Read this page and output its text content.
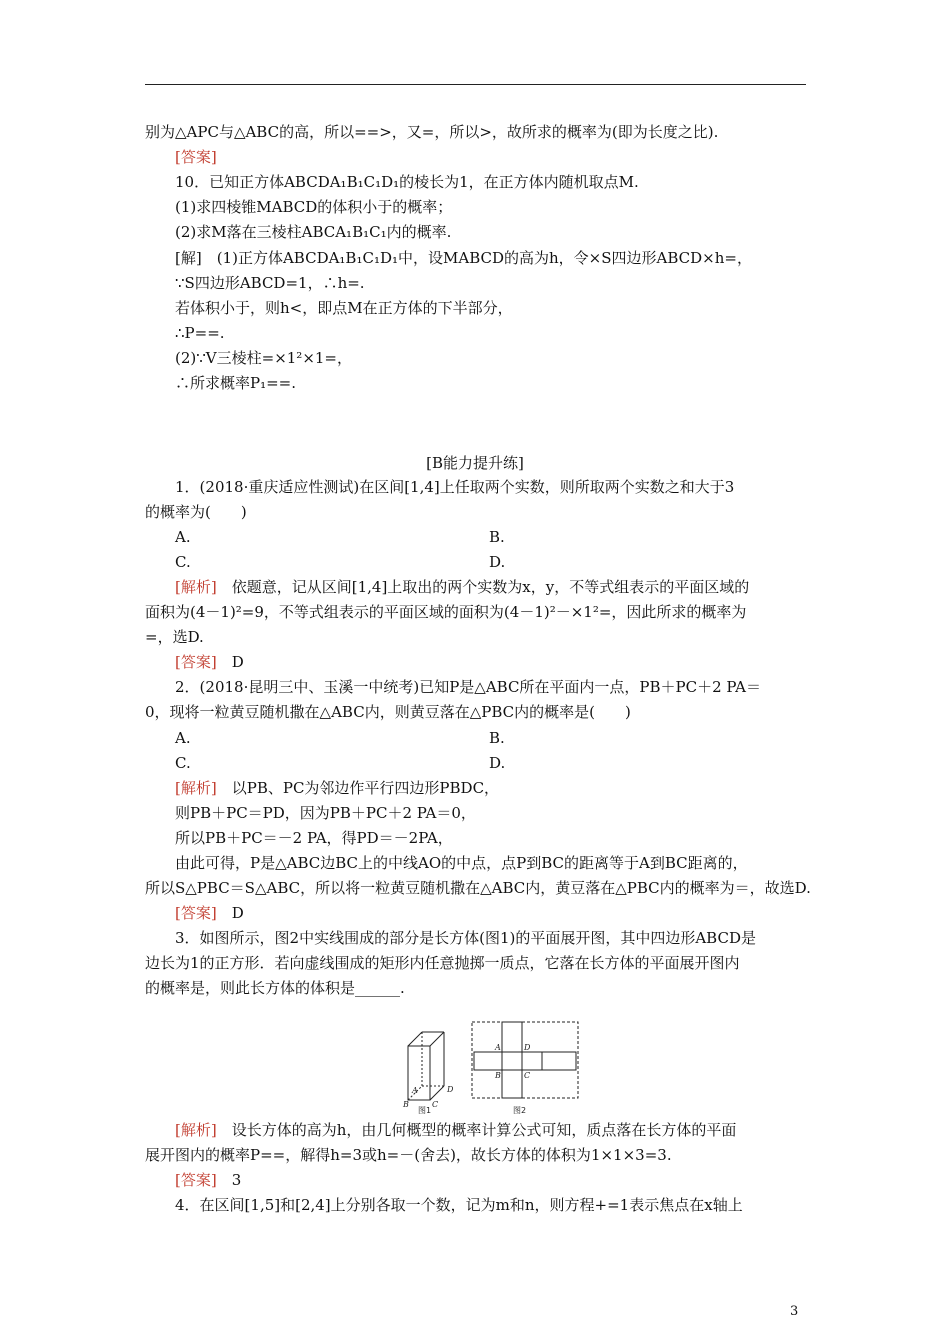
别为△APC与△ABC的高，所以==>，又=，所以>，故所求的概率为(即为长度之比).
[答案]
10．已知正方体ABCDA₁B₁C₁D₁的棱长为1，在正方体内随机取点M.
(1)求四棱锥MABCD的体积小于的概率；
(2)求M落在三棱柱ABCA₁B₁C₁内的概率.
[解]　(1)正方体ABCDA₁B₁C₁D₁中，设MABCD的高为h，令×S四边形ABCD×h=，
∵S四边形ABCD=1，∴h=.
若体积小于，则h<，即点M在正方体的下半部分，
∴P==.
(2)∵V三棱柱=×1²×1=，
∴所求概率P₁==.
[B能力提升练]
1．(2018·重庆适应性测试)在区间[1,4]上任取两个实数，则所取两个实数之和大于3
的概率为(　　)
A.	B.
C.	D.
[解析]　 依题意，记从区间[1,4]上取出的两个实数为x，y，不等式组表示的平面区域的
面积为(4－1)²=9，不等式组表示的平面区域的面积为(4－1)²－×1²=，因此所求的概率为
=，选D.
[答案]　 D
2．(2018·昆明三中、玉溪一中统考)已知P是△ABC所在平面内一点，PB＋PC＋2 PA＝
0，现将一粒黄豆随机撒在△ABC内，则黄豆落在△PBC内的概率是(　　)
A.	B.
C.	D.
[解析]　 以PB、PC为邻边作平行四边形PBDC，
则PB＋PC＝PD，因为PB＋PC＋2 PA＝0，
所以PB＋PC＝－2 PA，得PD＝－2PA，
由此可得，P是△ABC边BC上的中线AO的中点，点P到BC的距离等于A到BC距离的，
所以S△PBC＝S△ABC，所以将一粒黄豆随机撒在△ABC内，黄豆落在△PBC内的概率为＝，故选D.
[答案]　 D
3．如图所示，图2中实线围成的部分是长方体(图1)的平面展开图，其中四边形ABCD是
边长为1的正方形．若向虚线围成的矩形内任意抛掷一质点，它落在长方体的平面展开图内
的概率是，则此长方体的体积是______.
A
B	C
D
A
B	C
D
图1	图2
[解析]　 设长方体的高为h，由几何概型的概率计算公式可知，质点落在长方体的平面
展开图内的概率P==，解得h=3或h=－(舍去)，故长方体的体积为1×1×3=3.
[答案]　 3
4．在区间[1,5]和[2,4]上分别各取一个数，记为m和n，则方程+=1表示焦点在x轴上
3
